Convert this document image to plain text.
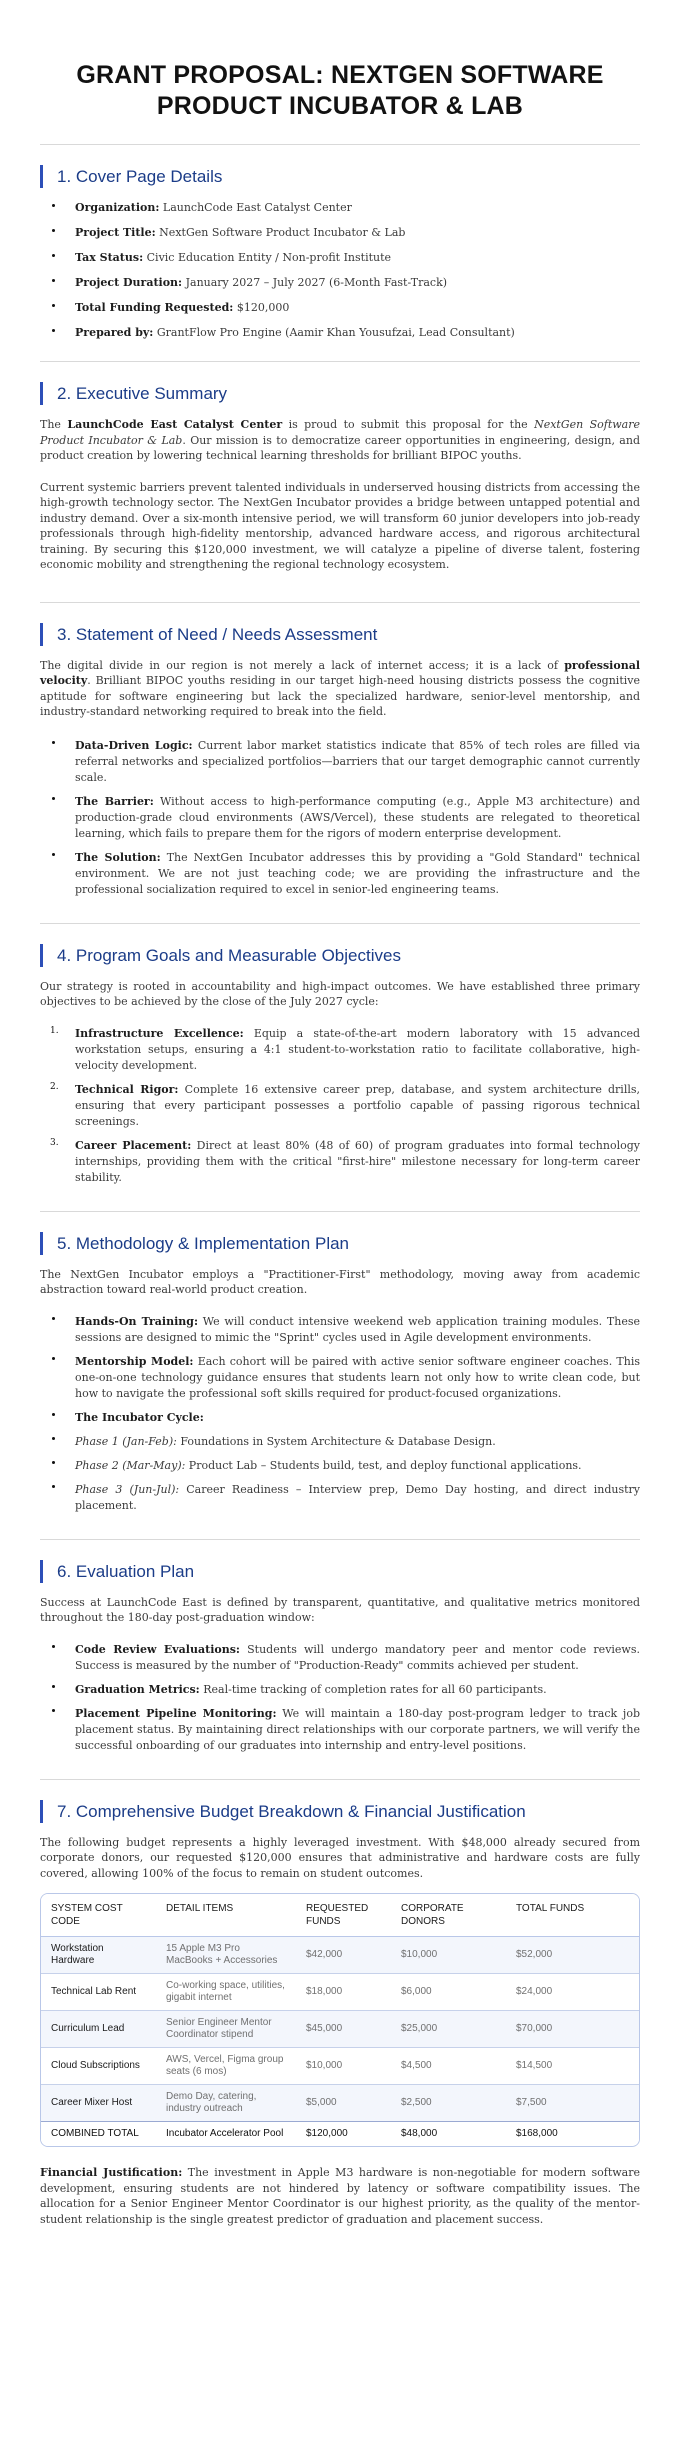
GRANT PROPOSAL: NEXTGEN SOFTWARE
PRODUCT INCUBATOR & LAB
1. Cover Page Details
Organization: LaunchCode East Catalyst Center
Project Title: NextGen Software Product Incubator & Lab
Tax Status: Civic Education Entity / Non-profit Institute
Project Duration: January 2027 – July 2027 (6-Month Fast-Track)
Total Funding Requested: $120,000
Prepared by: GrantFlow Pro Engine (Aamir Khan Yousufzai, Lead Consultant)
2. Executive Summary

The LaunchCode East Catalyst Center is proud to submit this proposal for the NextGen Software Product Incubator & Lab. Our mission is to democratize career opportunities in engineering, design, and product creation by lowering technical learning thresholds for brilliant BIPOC youths.

Current systemic barriers prevent talented individuals in underserved housing districts from accessing the high-growth technology sector. The NextGen Incubator provides a bridge between untapped potential and industry demand. Over a six-month intensive period, we will transform 60 junior developers into job-ready professionals through high-fidelity mentorship, advanced hardware access, and rigorous architectural training. By securing this $120,000 investment, we will catalyze a pipeline of diverse talent, fostering economic mobility and strengthening the regional technology ecosystem.

3. Statement of Need / Needs Assessment

The digital divide in our region is not merely a lack of internet access; it is a lack of professional velocity. Brilliant BIPOC youths residing in our target high-need housing districts possess the cognitive aptitude for software engineering but lack the specialized hardware, senior-level mentorship, and industry-standard networking required to break into the field.

Data-Driven Logic: Current labor market statistics indicate that 85% of tech roles are filled via referral networks and specialized portfolios—barriers that our target demographic cannot currently scale.
The Barrier: Without access to high-performance computing (e.g., Apple M3 architecture) and production-grade cloud environments (AWS/Vercel), these students are relegated to theoretical learning, which fails to prepare them for the rigors of modern enterprise development.
The Solution: The NextGen Incubator addresses this by providing a "Gold Standard" technical environment. We are not just teaching code; we are providing the infrastructure and the professional socialization required to excel in senior-led engineering teams.
4. Program Goals and Measurable Objectives

Our strategy is rooted in accountability and high-impact outcomes. We have established three primary objectives to be achieved by the close of the July 2027 cycle:

1. Infrastructure Excellence: Equip a state-of-the-art modern laboratory with 15 advanced workstation setups, ensuring a 4:1 student-to-workstation ratio to facilitate collaborative, high-velocity development.
2. Technical Rigor: Complete 16 extensive career prep, database, and system architecture drills, ensuring that every participant possesses a portfolio capable of passing rigorous technical screenings.
3. Career Placement: Direct at least 80% (48 of 60) of program graduates into formal technology internships, providing them with the critical "first-hire" milestone necessary for long-term career stability.
5. Methodology & Implementation Plan

The NextGen Incubator employs a "Practitioner-First" methodology, moving away from academic abstraction toward real-world product creation.

Hands-On Training: We will conduct intensive weekend web application training modules. These sessions are designed to mimic the "Sprint" cycles used in Agile development environments.
Mentorship Model: Each cohort will be paired with active senior software engineer coaches. This one-on-one technology guidance ensures that students learn not only how to write clean code, but how to navigate the professional soft skills required for product-focused organizations.
The Incubator Cycle:
Phase 1 (Jan-Feb): Foundations in System Architecture & Database Design.
Phase 2 (Mar-May): Product Lab – Students build, test, and deploy functional applications.
Phase 3 (Jun-Jul): Career Readiness – Interview prep, Demo Day hosting, and direct industry placement.
6. Evaluation Plan

Success at LaunchCode East is defined by transparent, quantitative, and qualitative metrics monitored throughout the 180-day post-graduation window:

Code Review Evaluations: Students will undergo mandatory peer and mentor code reviews. Success is measured by the number of "Production-Ready" commits achieved per student.
Graduation Metrics: Real-time tracking of completion rates for all 60 participants.
Placement Pipeline Monitoring: We will maintain a 180-day post-program ledger to track job placement status. By maintaining direct relationships with our corporate partners, we will verify the successful onboarding of our graduates into internship and entry-level positions.
7. Comprehensive Budget Breakdown & Financial Justification

The following budget represents a highly leveraged investment. With $48,000 already secured from corporate donors, our requested $120,000 ensures that administrative and hardware costs are fully covered, allowing 100% of the focus to remain on student outcomes.

SYSTEM COST CODE	DETAIL ITEMS	REQUESTED FUNDS	CORPORATE DONORS	TOTAL FUNDS
Workstation Hardware	15 Apple M3 Pro MacBooks + Accessories	$42,000	$10,000	$52,000
Technical Lab Rent	Co-working space, utilities, gigabit internet	$18,000	$6,000	$24,000
Curriculum Lead	Senior Engineer Mentor Coordinator stipend	$45,000	$25,000	$70,000
Cloud Subscriptions	AWS, Vercel, Figma group seats (6 mos)	$10,000	$4,500	$14,500
Career Mixer Host	Demo Day, catering, industry outreach	$5,000	$2,500	$7,500
COMBINED TOTAL	Incubator Accelerator Pool	$120,000	$48,000	$168,000

Financial Justification: The investment in Apple M3 hardware is non-negotiable for modern software development, ensuring students are not hindered by latency or software compatibility issues. The allocation for a Senior Engineer Mentor Coordinator is our highest priority, as the quality of the mentor-student relationship is the single greatest predictor of graduation and placement success.
